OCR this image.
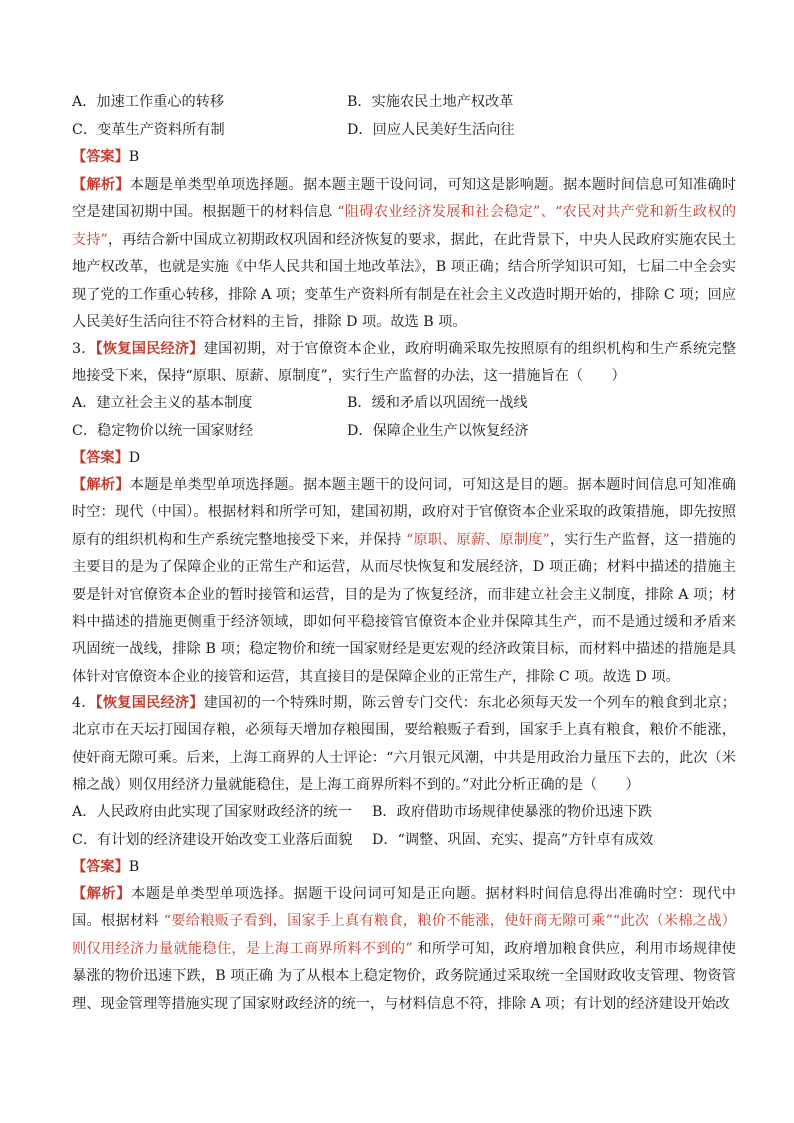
A．加速工作重心的转移	B．实施农民土地产权改革
C．变革生产资料所有制	D．回应人民美好生活向往
【答案】B
【解析】本题是单类型单项选择题。据本题主题干设问词，可知这是影响题。据本题时间信息可知准确时空是建国初期中国。根据题干的材料信息 “阻碍农业经济发展和社会稳定”、“农民对共产党和新生政权的支持”，再结合新中国成立初期政权巩固和经济恢复的要求，据此，在此背景下，中央人民政府实施农民土地产权改革，也就是实施《中华人民共和国土地改革法》，B 项正确；结合所学知识可知，七届二中全会实现了党的工作重心转移，排除 A 项；变革生产资料所有制是在社会主义改造时期开始的，排除 C 项；回应人民美好生活向往不符合材料的主旨，排除 D 项。故选 B 项。
3．【恢复国民经济】建国初期，对于官僚资本企业，政府明确采取先按照原有的组织机构和生产系统完整地接受下来，保持“原职、原薪、原制度”，实行生产监督的办法，这一措施旨在（　　）
A．建立社会主义的基本制度	B．缓和矛盾以巩固统一战线
C．稳定物价以统一国家财经	D．保障企业生产以恢复经济
【答案】D
【解析】本题是单类型单项选择题。据本题主题干的设问词，可知这是目的题。据本题时间信息可知准确时空：现代（中国）。根据材料和所学可知，建国初期，政府对于官僚资本企业采取的政策措施，即先按照原有的组织机构和生产系统完整地接受下来，并保持 “原职、原薪、原制度”，实行生产监督，这一措施的主要目的是为了保障企业的正常生产和运营，从而尽快恢复和发展经济，D 项正确；材料中描述的措施主要是针对官僚资本企业的暂时接管和运营，目的是为了恢复经济，而非建立社会主义制度，排除 A 项；材料中描述的措施更侧重于经济领域，即如何平稳接管官僚资本企业并保障其生产，而不是通过缓和矛盾来巩固统一战线，排除 B 项；稳定物价和统一国家财经是更宏观的经济政策目标，而材料中描述的措施是具体针对官僚资本企业的接管和运营，其直接目的是保障企业的正常生产，排除 C 项。故选 D 项。
4．【恢复国民经济】建国初的一个特殊时期，陈云曾专门交代：东北必须每天发一个列车的粮食到北京；北京市在天坛打囤国存粮，必须每天增加存粮囤围，要给粮贩子看到，国家手上真有粮食，粮价不能涨，使奸商无隙可乘。后来，上海工商界的人士评论：“六月银元风潮，中共是用政治力量压下去的，此次（米棉之战）则仅用经济力量就能稳住，是上海工商界所料不到的。”对此分析正确的是（　　）
A．人民政府由此实现了国家财政经济的统一 B．政府借助市场规律使暴涨的物价迅速下跌
C．有计划的经济建设开始改变工业落后面貌 D．“调整、巩固、充实、提高”方针卓有成效
【答案】B
【解析】本题是单类型单项选择。据题干设问词可知是正向题。据材料时间信息得出准确时空：现代中国。根据材料 “要给粮贩子看到，国家手上真有粮食，粮价不能涨，使奸商无隙可乘”“此次（米棉之战）则仅用经济力量就能稳住，是上海工商界所料不到的” 和所学可知，政府增加粮食供应，利用市场规律使暴涨的物价迅速下跌，B 项正确 为了从根本上稳定物价，政务院通过采取统一全国财政收支管理、物资管理、现金管理等措施实现了国家财政经济的统一，与材料信息不符，排除 A 项；有计划的经济建设开始改
